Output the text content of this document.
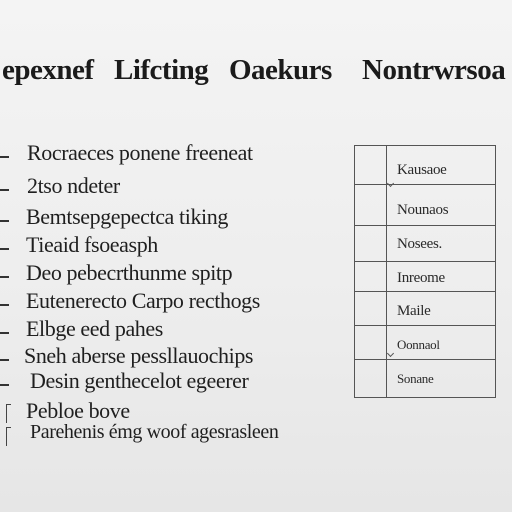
epexnef Lifcting Oaekurs Nontrwrsoa
Rocraeces ponene freeneat
2tso ndeter
Bemtsepgepectca tiking
Tieaid fsoeasph
Deo pebecrthunme spitp
Eutenerecto Carpo recthogs
Elbge eed pahes
Sneh aberse pessllauochips
Desin genthecelot egeerer
Pebloe bove
Parehenis émg woof agesrasleen
Kausaoe
Nounaos
Nosees.
Inreome
Maile
Oonnaol
Sonane
